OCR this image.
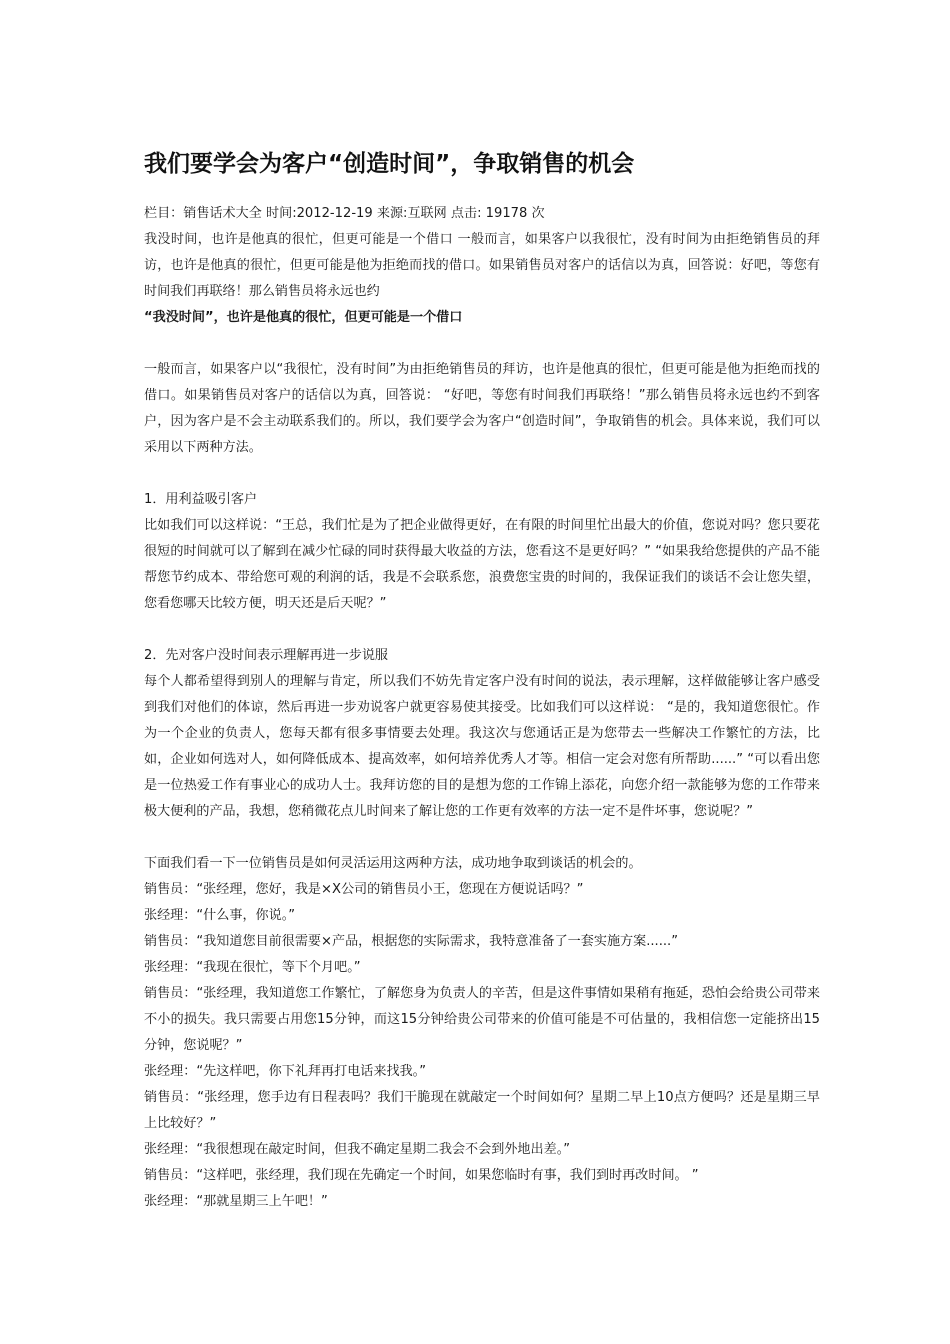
我们要学会为客户“创造时间”，争取销售的机会

栏目：销售话术大全 时间:2012-12-19 来源:互联网 点击: 19178 次

我没时间，也许是他真的很忙，但更可能是一个借口 一般而言，如果客户以我很忙，没有时间为由拒绝销售员的拜访，也许是他真的很忙，但更可能是他为拒绝而找的借口。如果销售员对客户的话信以为真，回答说：好吧，等您有时间我们再联络！那么销售员将永远也约

“我没时间”，也许是他真的很忙，但更可能是一个借口

一般而言，如果客户以“我很忙，没有时间”为由拒绝销售员的拜访，也许是他真的很忙，但更可能是他为拒绝而找的借口。如果销售员对客户的话信以为真，回答说： “好吧，等您有时间我们再联络！”那么销售员将永远也约不到客户，因为客户是不会主动联系我们的。所以，我们要学会为客户“创造时间”，争取销售的机会。具体来说，我们可以采用以下两种方法。

1．用利益吸引客户

比如我们可以这样说：“王总，我们忙是为了把企业做得更好，在有限的时间里忙出最大的价值，您说对吗？您只要花很短的时间就可以了解到在减少忙碌的同时获得最大收益的方法，您看这不是更好吗？” “如果我给您提供的产品不能帮您节约成本、带给您可观的利润的话，我是不会联系您，浪费您宝贵的时间的，我保证我们的谈话不会让您失望，您看您哪天比较方便，明天还是后天呢？”

2．先对客户没时间表示理解再进一步说服

每个人都希望得到别人的理解与肯定，所以我们不妨先肯定客户没有时间的说法，表示理解，这样做能够让客户感受到我们对他们的体谅，然后再进一步劝说客户就更容易使其接受。比如我们可以这样说： “是的，我知道您很忙。作为一个企业的负责人，您每天都有很多事情要去处理。我这次与您通话正是为您带去一些解决工作繁忙的方法，比如，企业如何选对人，如何降低成本、提高效率，如何培养优秀人才等。相信一定会对您有所帮助......” “可以看出您是一位热爱工作有事业心的成功人士。我拜访您的目的是想为您的工作锦上添花，向您介绍一款能够为您的工作带来极大便利的产品，我想，您稍微花点儿时间来了解让您的工作更有效率的方法一定不是件坏事，您说呢？”

下面我们看一下一位销售员是如何灵活运用这两种方法，成功地争取到谈话的机会的。

销售员：“张经理，您好，我是×X公司的销售员小王，您现在方便说话吗？”

张经理：“什么事，你说。”

销售员：“我知道您目前很需要×产品，根据您的实际需求，我特意准备了一套实施方案......”

张经理：“我现在很忙，等下个月吧。”

销售员：“张经理，我知道您工作繁忙，了解您身为负责人的辛苦，但是这件事情如果稍有拖延，恐怕会给贵公司带来不小的损失。我只需要占用您15分钟，而这15分钟给贵公司带来的价值可能是不可估量的，我相信您一定能挤出15分钟，您说呢？”

张经理：“先这样吧，你下礼拜再打电话来找我。”

销售员：“张经理，您手边有日程表吗？我们干脆现在就敲定一个时间如何？星期二早上10点方便吗？还是星期三早上比较好？”

张经理：“我很想现在敲定时间，但我不确定星期二我会不会到外地出差。”

销售员：“这样吧，张经理，我们现在先确定一个时间，如果您临时有事，我们到时再改时间。 ”

张经理：“那就星期三上午吧！”
